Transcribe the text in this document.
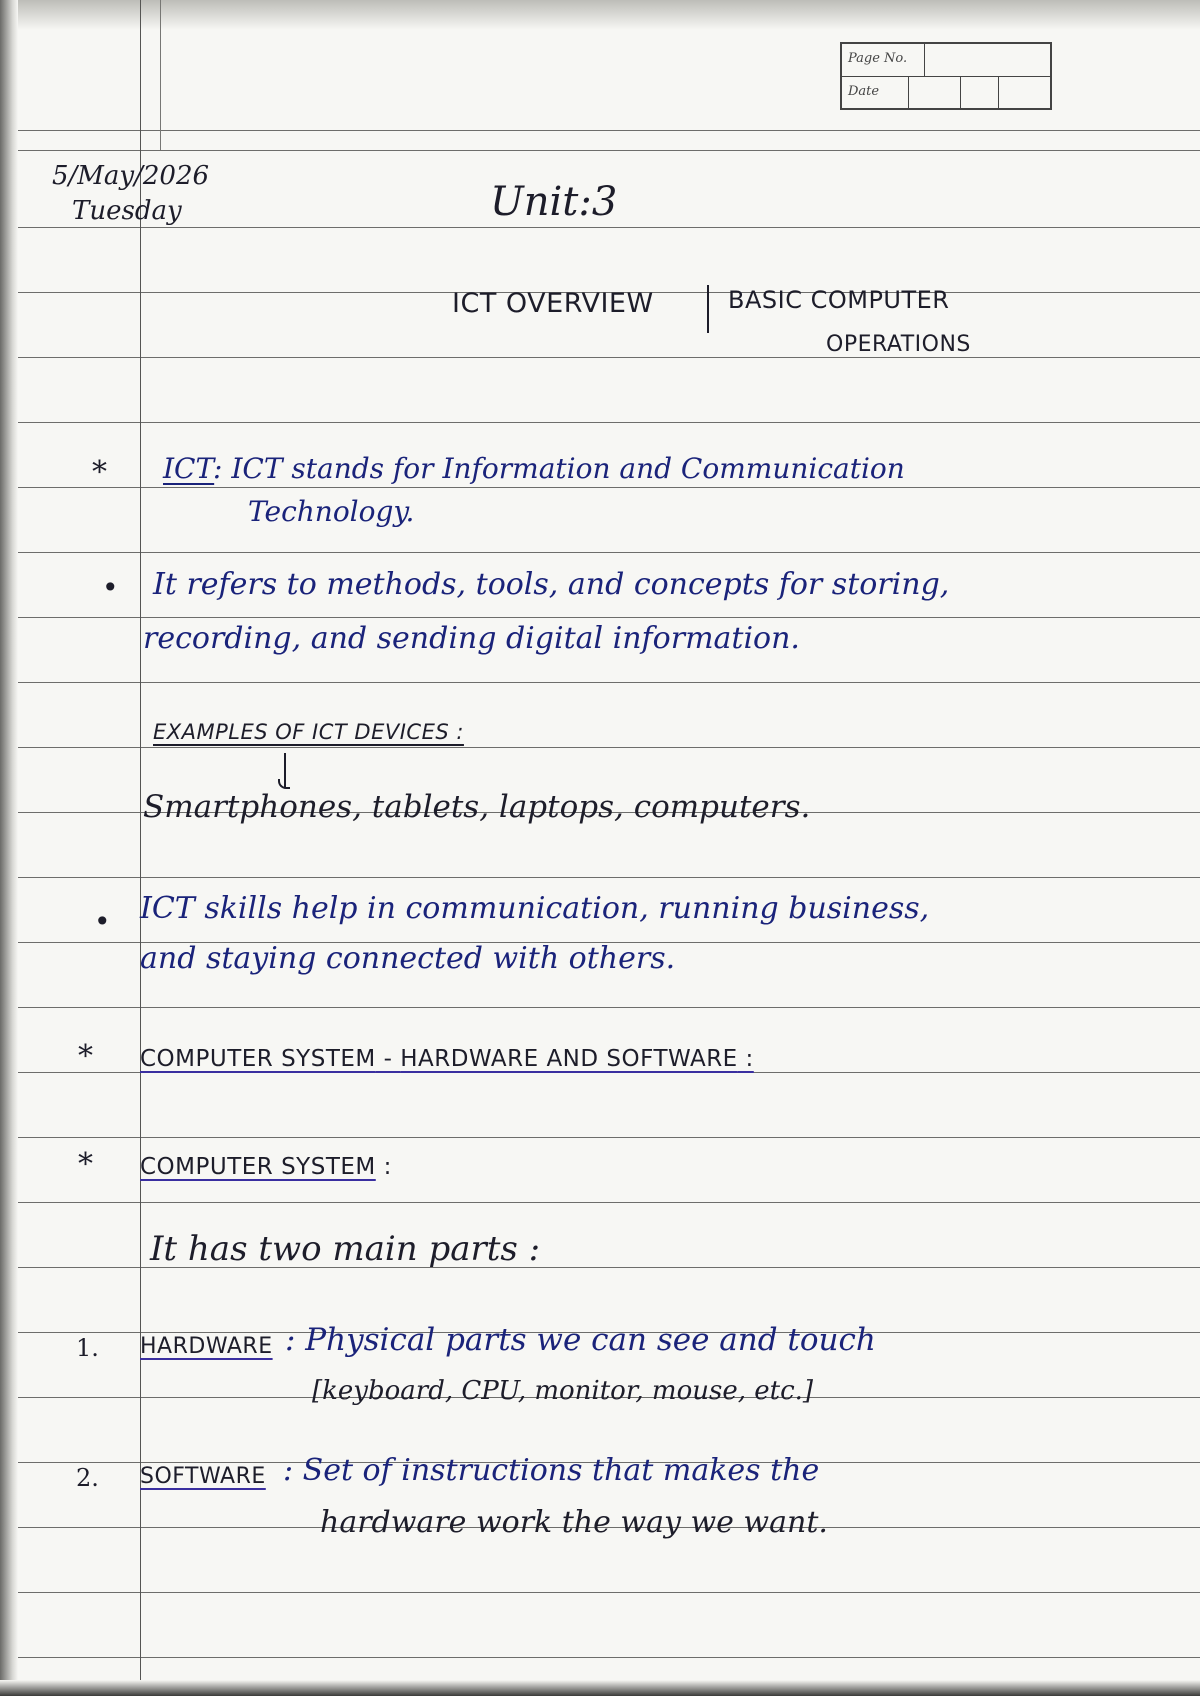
Page No.
Date
5/May/2026
Tuesday	Unit:3
ICT OVERVIEW	BASIC COMPUTER
OPERATIONS
* ICT
: ICT stands for Information and Communication
Technology.
• It refers to methods, tools, and concepts for storing,
recording, and sending digital information.
EXAMPLES OF ICT DEVICES :
Smartphones, tablets, laptops, computers.
• ICT skills help in communication, running business,
and staying connected with others.
* COMPUTER SYSTEM - HARDWARE AND SOFTWARE :
* COMPUTER SYSTEM :
It has two main parts :
1. HARDWARE : Physical parts we can see and touch
[keyboard, CPU, monitor, mouse, etc.]
2. SOFTWARE : Set of instructions that makes the
hardware work the way we want.
